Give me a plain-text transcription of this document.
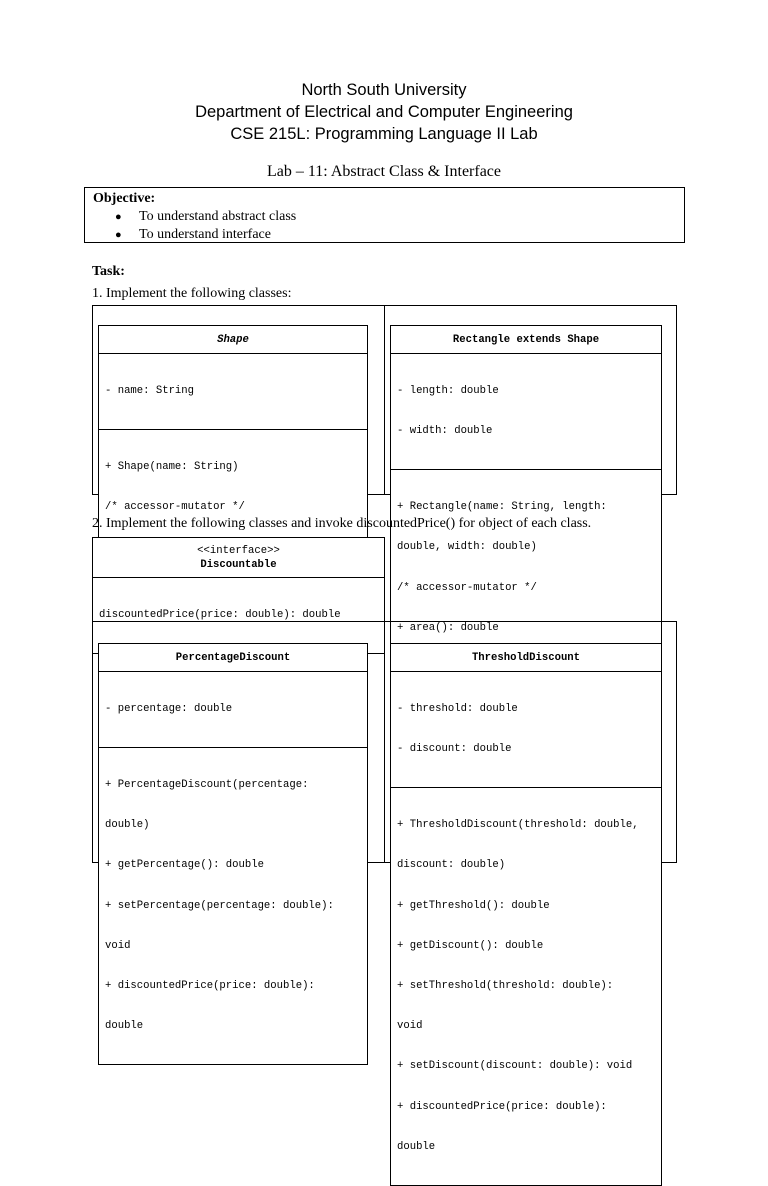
North South University
Department of Electrical and Computer Engineering
CSE 215L: Programming Language II Lab
Lab – 11: Abstract Class & Interface
Objective:
● To understand abstract class
● To understand interface
Task:
1. Implement the following classes:
Shape

- name: String

+ Shape(name: String)

/* accessor-mutator */

Rectangle extends Shape

- length: double

- width: double

+ Rectangle(name: String, length:

double, width: double)

/* accessor-mutator */

+ area(): double

2. Implement the following classes and invoke discountedPrice() for object of each class.
<<interface>>
Discountable

discountedPrice(price: double): double

PercentageDiscount

- percentage: double

+ PercentageDiscount(percentage:

double)

+ getPercentage(): double

+ setPercentage(percentage: double):

void

+ discountedPrice(price: double):

double

ThresholdDiscount

- threshold: double

- discount: double

+ ThresholdDiscount(threshold: double,

discount: double)

+ getThreshold(): double

+ getDiscount(): double

+ setThreshold(threshold: double):

void

+ setDiscount(discount: double): void

+ discountedPrice(price: double):

double
